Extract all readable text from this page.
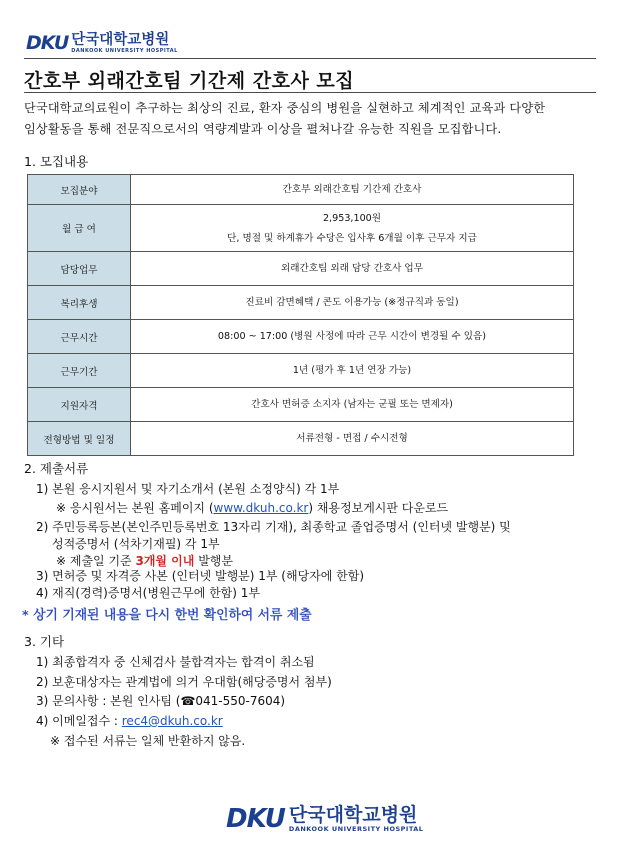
DKU 단국대학교병원
DANKOOK UNIVERSITY HOSPITAL
간호부 외래간호팀 기간제 간호사 모집
단국대학교의료원이 추구하는 최상의 진료, 환자 중심의 병원을 실현하고 체계적인 교육과 다양한
임상활동을 통해 전문직으로서의 역량계발과 이상을 펼쳐나갈 유능한 직원을 모집합니다.
1. 모집내용
모집분야	간호부 외래간호팀 기간제 간호사
월 급 여	2,953,100원
단, 명절 및 하계휴가 수당은 입사후 6개월 이후 근무자 지급

담당업무	외래간호팀 외래 담당 간호사 업무
복리후생	진료비 감면혜택 / 콘도 이용가능 (※정규직과 동일)
근무시간	08:00 ~ 17:00 (병원 사정에 따라 근무 시간이 변경될 수 있음)
근무기간	1년 (평가 후 1년 연장 가능)
지원자격	간호사 면허증 소지자 (남자는 군필 또는 면제자)
전형방법 및 일정	서류전형 - 면접 / 수시전형
2. 제출서류
1) 본원 응시지원서 및 자기소개서 (본원 소정양식) 각 1부
※ 응시원서는 본원 홈페이지 (www.dkuh.co.kr) 채용정보게시판 다운로드
2) 주민등록등본(본인주민등록번호 13자리 기재), 최종학교 졸업증명서 (인터넷 발행분) 및
성적증명서 (석차기재필) 각 1부
※ 제출일 기준 3개월 이내 발행분
3) 면허증 및 자격증 사본 (인터넷 발행분) 1부 (해당자에 한함)
4) 재직(경력)증명서(병원근무에 한함) 1부
* 상기 기재된 내용을 다시 한번 확인하여 서류 제출
3. 기타
1) 최종합격자 중 신체검사 불합격자는 합격이 취소됨
2) 보훈대상자는 관계법에 의거 우대함(해당증명서 첨부)
3) 문의사항 : 본원 인사팀 (☎041-550-7604)
4) 이메일접수 : rec4@dkuh.co.kr
※ 접수된 서류는 일체 반환하지 않음.
DKU 단국대학교병원
DANKOOK UNIVERSITY HOSPITAL
